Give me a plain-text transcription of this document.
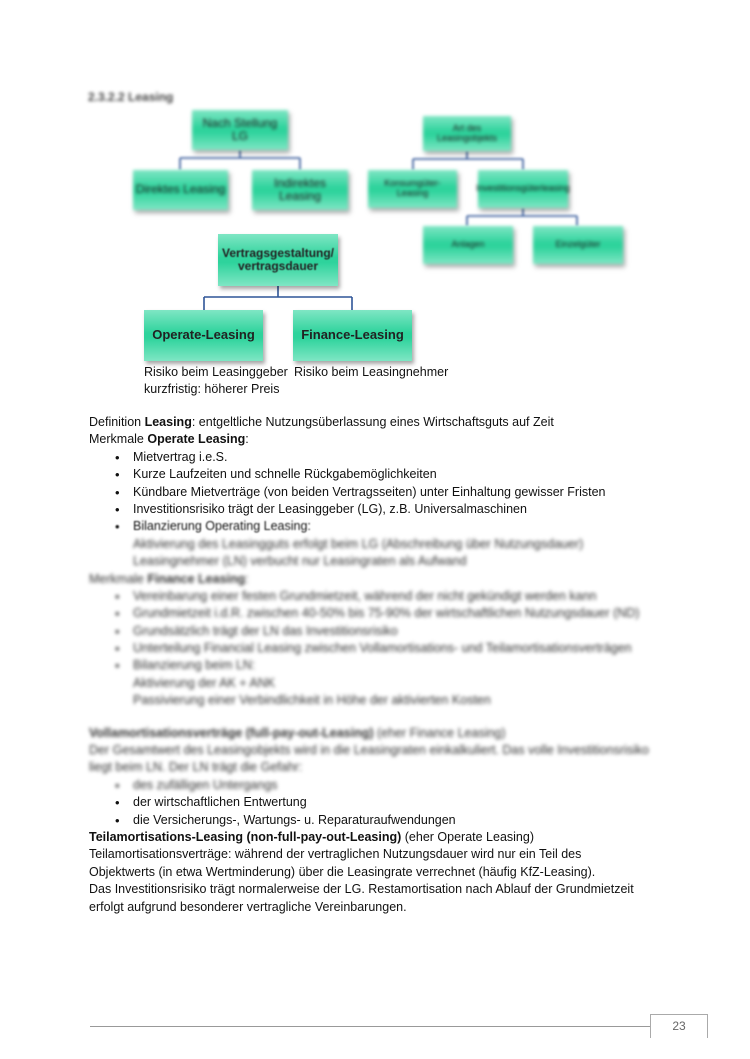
2.3.2.2 Leasing
Nach Stellung LG
Direktes Leasing	Indirektes Leasing
Art des Leasingobjekts
Konsumgüter-Leasing	Investitionsgüterleasing
Anlagen	Einzelgüter
Vertragsgestaltung/vertragsdauer
Operate-Leasing	Finance-Leasing
Risiko beim Leasinggeber
kurzfristig: höherer Preis
Risiko beim Leasingnehmer
Definition Leasing: entgeltliche Nutzungsüberlassung eines Wirtschaftsguts auf Zeit
Merkmale Operate Leasing:
• Mietvertrag i.e.S.
• Kurze Laufzeiten und schnelle Rückgabemöglichkeiten
• Kündbare Mietverträge (von beiden Vertragsseiten) unter Einhaltung gewisser Fristen
• Investitionsrisiko trägt der Leasinggeber (LG), z.B. Universalmaschinen
• Bilanzierung Operating Leasing:
Aktivierung des Leasingguts erfolgt beim LG (Abschreibung über Nutzungsdauer)
Leasingnehmer (LN) verbucht nur Leasingraten als Aufwand
Merkmale Finance Leasing:
• Vereinbarung einer festen Grundmietzeit, während der nicht gekündigt werden kann
• Grundmietzeit i.d.R. zwischen 40-50% bis 75-90% der wirtschaftlichen Nutzungsdauer (ND)
• Grundsätzlich trägt der LN das Investitionsrisiko
• Unterteilung Financial Leasing zwischen Vollamortisations- und Teilamortisationsverträgen
• Bilanzierung beim LN:
Aktivierung der AK + ANK
Passivierung einer Verbindlichkeit in Höhe der aktivierten Kosten
Vollamortisationsverträge (full-pay-out-Leasing) (eher Finance Leasing)
Der Gesamtwert des Leasingobjekts wird in die Leasingraten einkalkuliert. Das volle Investitionsrisiko
liegt beim LN. Der LN trägt die Gefahr:
• des zufälligen Untergangs
• der wirtschaftlichen Entwertung
• die Versicherungs-, Wartungs- u. Reparaturaufwendungen
Teilamortisations-Leasing (non-full-pay-out-Leasing) (eher Operate Leasing)
Teilamortisationsverträge: während der vertraglichen Nutzungsdauer wird nur ein Teil des
Objektwerts (in etwa Wertminderung) über die Leasingrate verrechnet (häufig KfZ-Leasing).
Das Investitionsrisiko trägt normalerweise der LG. Restamortisation nach Ablauf der Grundmietzeit
erfolgt aufgrund besonderer vertragliche Vereinbarungen.
23
